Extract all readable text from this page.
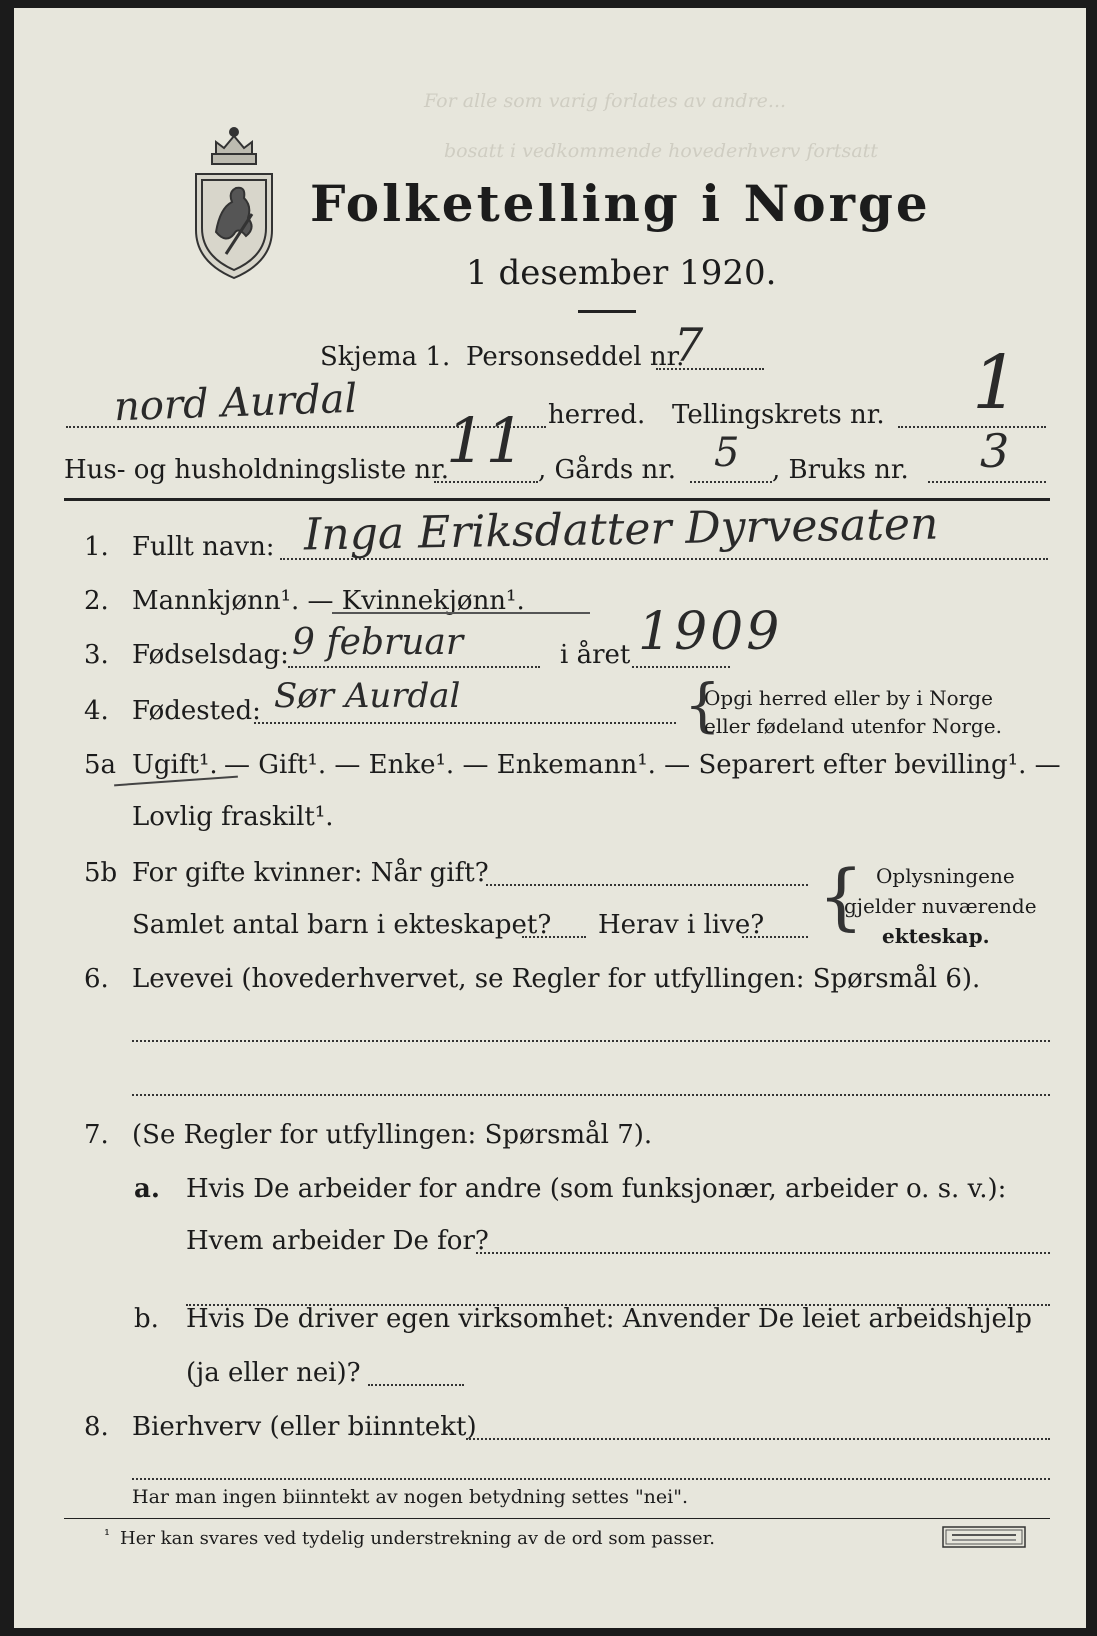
For alle som varig forlates av andre...
bosatt i vedkommende hovederhverv fortsatt
Folketelling i Norge
1 desember 1920.
Skjema 1. Personseddel nr.
7
nord Aurdal	herred. Tellingskrets nr. 1
Hus- og husholdningsliste nr.
11 , Gårds nr. 5 , Bruks nr. 3
1. Fullt navn: Inga Eriksdatter Dyrvesaten
2. Mannkjønn¹. — Kvinnekjønn¹.
3. Fødselsdag: 9 februar	i året 1909
4. Fødested: Sør Aurdal	{
Opgi herred eller by i Norge
eller fødeland utenfor Norge.
5a Ugift¹. — Gift¹. — Enke¹. — Enkemann¹. — Separert efter bevilling¹. —
Lovlig fraskilt¹.
5b For gifte kvinner: Når gift?
Samlet antal barn i ekteskapet? Herav i live? { Oplysningene
gjelder nuværende
ekteskap.
6. Levevei (hovederhvervet, se Regler for utfyllingen: Spørsmål 6).
7. (Se Regler for utfyllingen: Spørsmål 7).
a. Hvis De arbeider for andre (som funksjonær, arbeider o. s. v.):
Hvem arbeider De for?
b. Hvis De driver egen virksomhet: Anvender De leiet arbeidshjelp
(ja eller nei)?
8. Bierhverv (eller biinntekt)
Har man ingen biinntekt av nogen betydning settes "nei".
¹ Her kan svares ved tydelig understrekning av de ord som passer.
